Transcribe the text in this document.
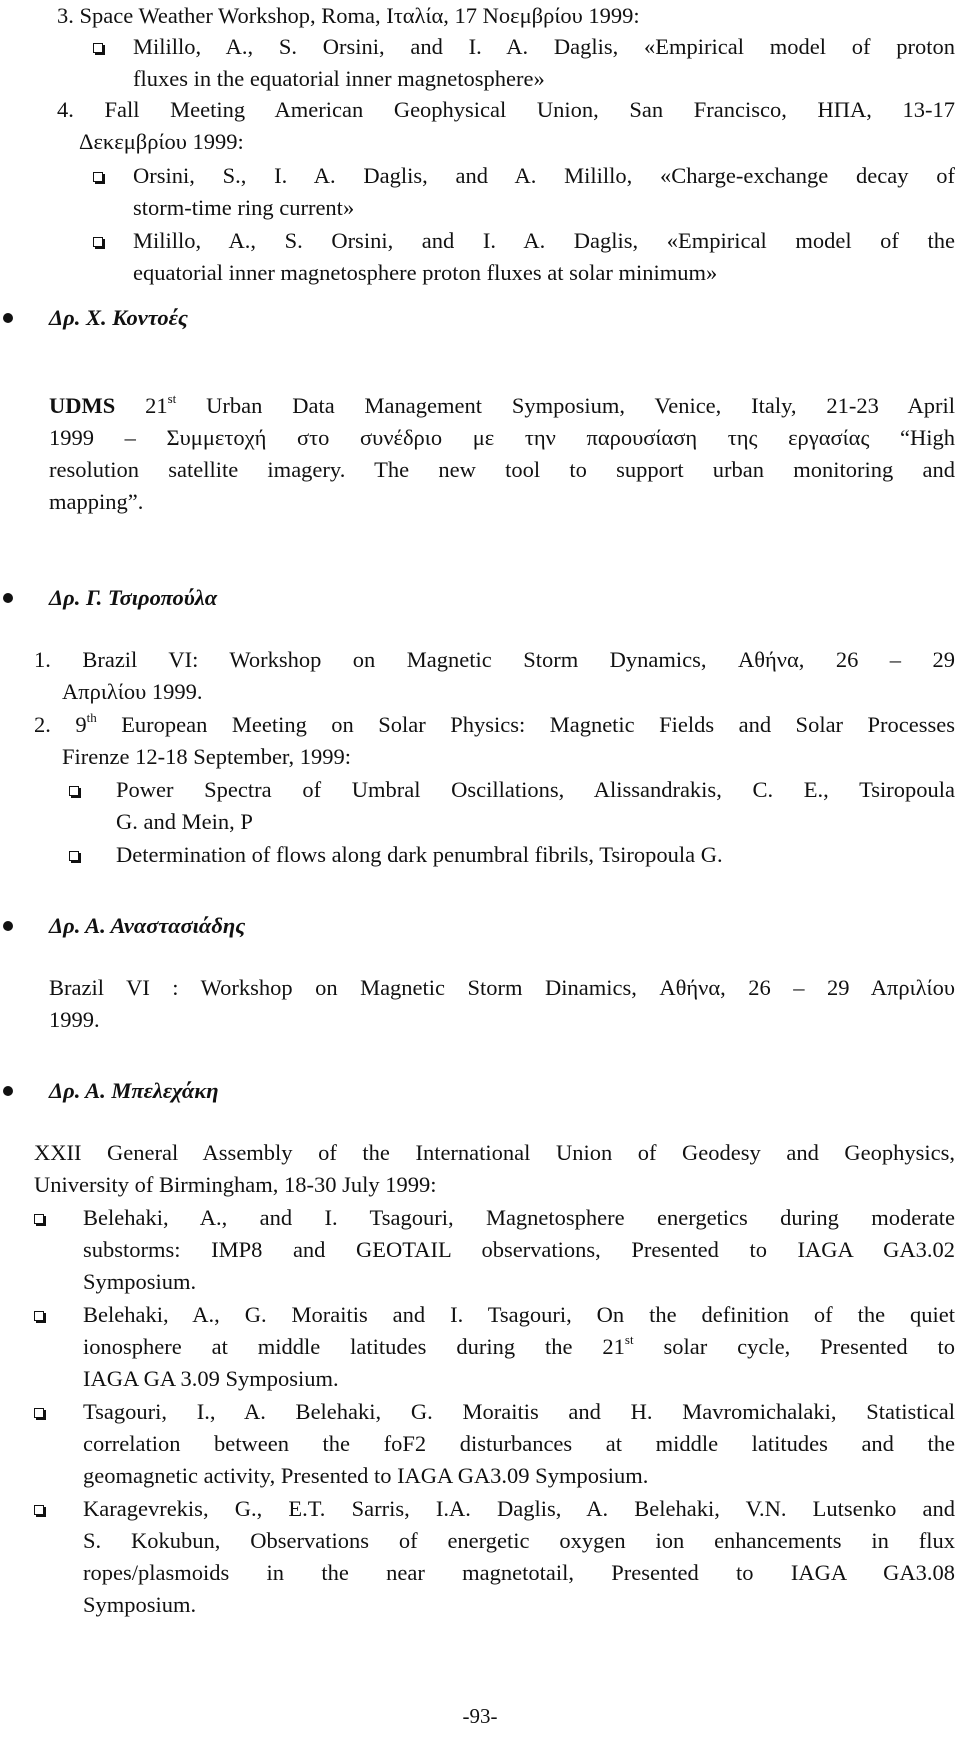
3. Space Weather Workshop, Roma, Ιταλία, 17 Νοεμβρίου 1999:
Milillo, A., S. Orsini, and I. A. Daglis, «Empirical model of proton
fluxes in the equatorial inner magnetosphere»
4. Fall Meeting American Geophysical Union, San Francisco, ΗΠΑ, 13-17
Δεκεμβρίου 1999:
Orsini, S., I. A. Daglis, and A. Milillo, «Charge-exchange decay of
storm-time ring current»
Milillo, A., S. Orsini, and I. A. Daglis, «Empirical model of the
equatorial inner magnetosphere proton fluxes at solar minimum»
Δρ. Χ. Κοντοές
UDMS 21st Urban Data Management Symposium, Venice, Italy, 21-23 April
1999 – Συμμετοχή στο συνέδριο με την παρουσίαση της εργασίας “High
resolution satellite imagery. The new tool to support urban monitoring and
mapping”.
Δρ. Γ. Τσιροπούλα
1. Brazil VI: Workshop on Magnetic Storm Dynamics, Αθήνα, 26 – 29
Απριλίου 1999.
2. 9th European Meeting on Solar Physics: Magnetic Fields and Solar Processes
Firenze 12-18 September, 1999:
Power Spectra of Umbral Oscillations, Alissandrakis, C. E., Tsiropoula
G. and Mein, P
Determination of flows along dark penumbral fibrils, Tsiropoula G.
Δρ. Α. Αναστασιάδης
Brazil VI : Workshop on Magnetic Storm Dinamics, Αθήνα, 26 – 29 Απριλίου
1999.
Δρ. Α. Μπελεχάκη
XXII General Assembly of the International Union of Geodesy and Geophysics,
University of Birmingham, 18-30 July 1999:
Belehaki, A., and I. Tsagouri, Magnetosphere energetics during moderate
substorms: IMP8 and GEOTAIL observations, Presented to IAGA GA3.02
Symposium.
Belehaki, A., G. Moraitis and I. Tsagouri, On the definition of the quiet
ionosphere at middle latitudes during the 21st solar cycle, Presented to
IAGA GA 3.09 Symposium.
Tsagouri, I., A. Belehaki, G. Moraitis and H. Mavromichalaki, Statistical
correlation between the foF2 disturbances at middle latitudes and the
geomagnetic activity, Presented to IAGA GA3.09 Symposium.
Karagevrekis, G., E.T. Sarris, I.A. Daglis, A. Belehaki, V.N. Lutsenko and
S. Kokubun, Observations of energetic oxygen ion enhancements in flux
ropes/plasmoids in the near magnetotail, Presented to IAGA GA3.08
Symposium.
-93-
